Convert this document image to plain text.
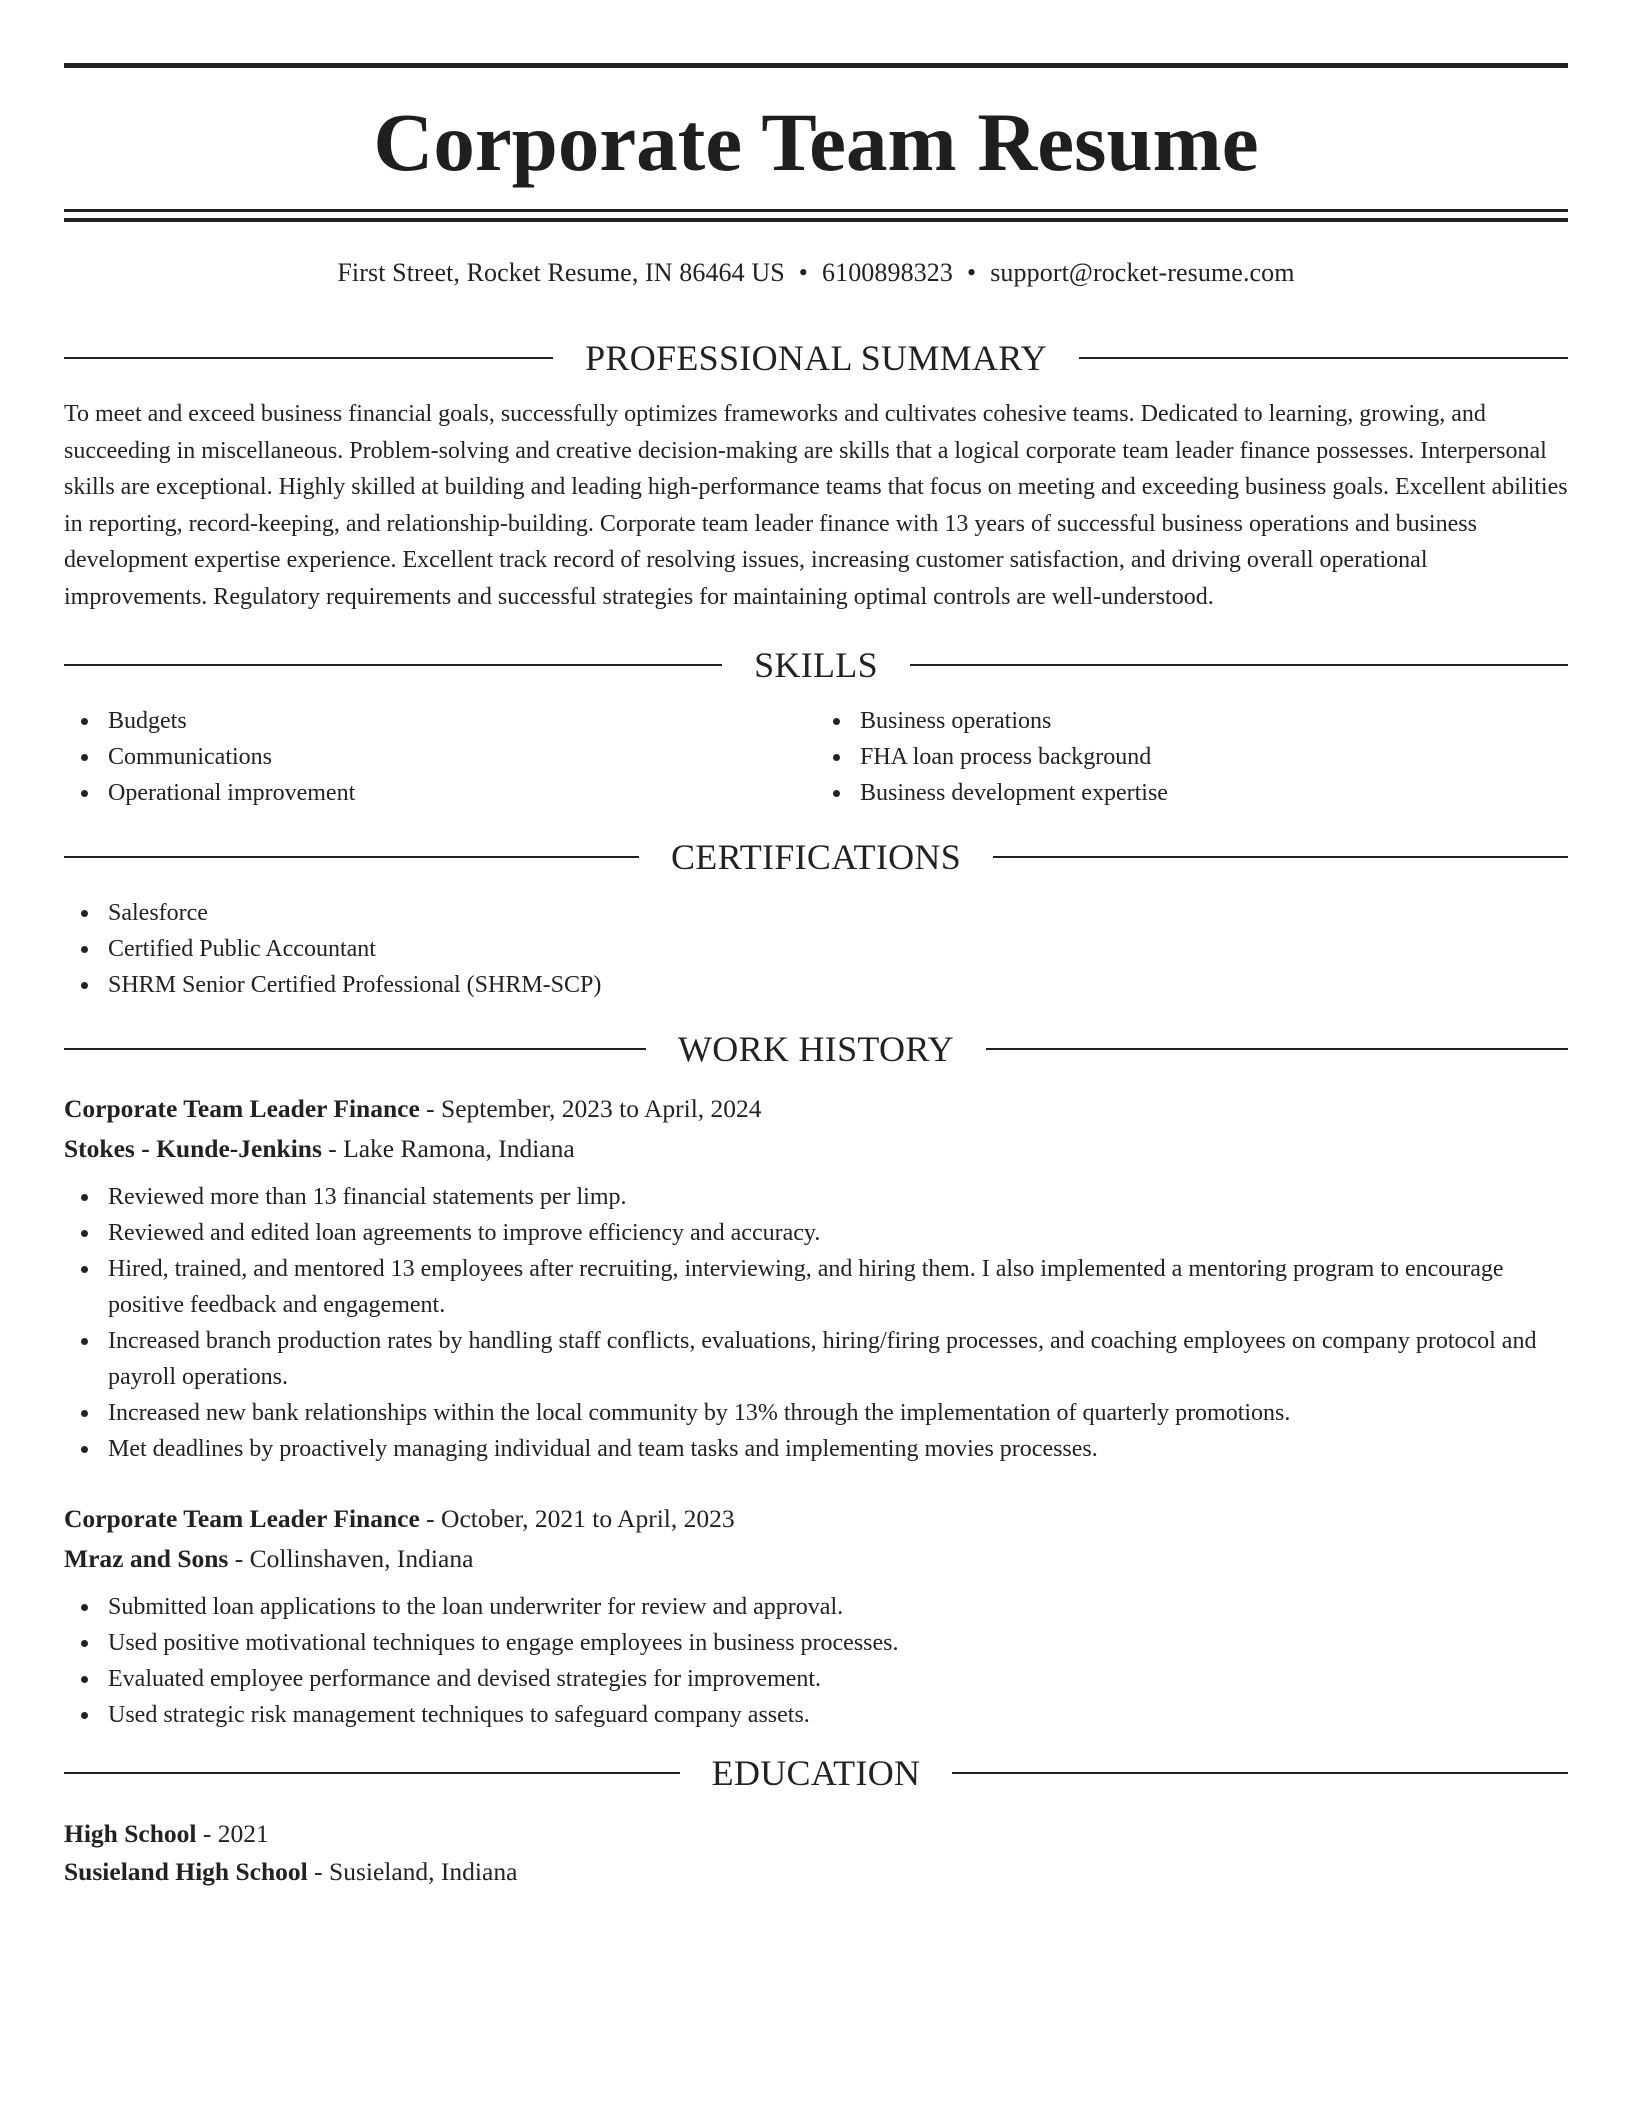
Corporate Team Resume
First Street, Rocket Resume, IN 86464 US • 6100898323 • support@rocket-resume.com
PROFESSIONAL SUMMARY

To meet and exceed business financial goals, successfully optimizes frameworks and cultivates cohesive teams. Dedicated to learning, growing, and succeeding in miscellaneous. Problem-solving and creative decision-making are skills that a logical corporate team leader finance possesses. Interpersonal skills are exceptional. Highly skilled at building and leading high-performance teams that focus on meeting and exceeding business goals. Excellent abilities in reporting, record-keeping, and relationship-building. Corporate team leader finance with 13 years of successful business operations and business development expertise experience. Excellent track record of resolving issues, increasing customer satisfaction, and driving overall operational improvements. Regulatory requirements and successful strategies for maintaining optimal controls are well-understood.

SKILLS
Budgets
Communications
Operational improvement
Business operations
FHA loan process background
Business development expertise
CERTIFICATIONS
Salesforce
Certified Public Accountant
SHRM Senior Certified Professional (SHRM-SCP)
WORK HISTORY
Corporate Team Leader Finance - September, 2023 to April, 2024
Stokes - Kunde-Jenkins - Lake Ramona, Indiana
Reviewed more than 13 financial statements per limp.
Reviewed and edited loan agreements to improve efficiency and accuracy.
Hired, trained, and mentored 13 employees after recruiting, interviewing, and hiring them. I also implemented a mentoring program to encourage positive feedback and engagement.
Increased branch production rates by handling staff conflicts, evaluations, hiring/firing processes, and coaching employees on company protocol and payroll operations.
Increased new bank relationships within the local community by 13% through the implementation of quarterly promotions.
Met deadlines by proactively managing individual and team tasks and implementing movies processes.
Corporate Team Leader Finance - October, 2021 to April, 2023
Mraz and Sons - Collinshaven, Indiana
Submitted loan applications to the loan underwriter for review and approval.
Used positive motivational techniques to engage employees in business processes.
Evaluated employee performance and devised strategies for improvement.
Used strategic risk management techniques to safeguard company assets.
EDUCATION
High School - 2021
Susieland High School - Susieland, Indiana
